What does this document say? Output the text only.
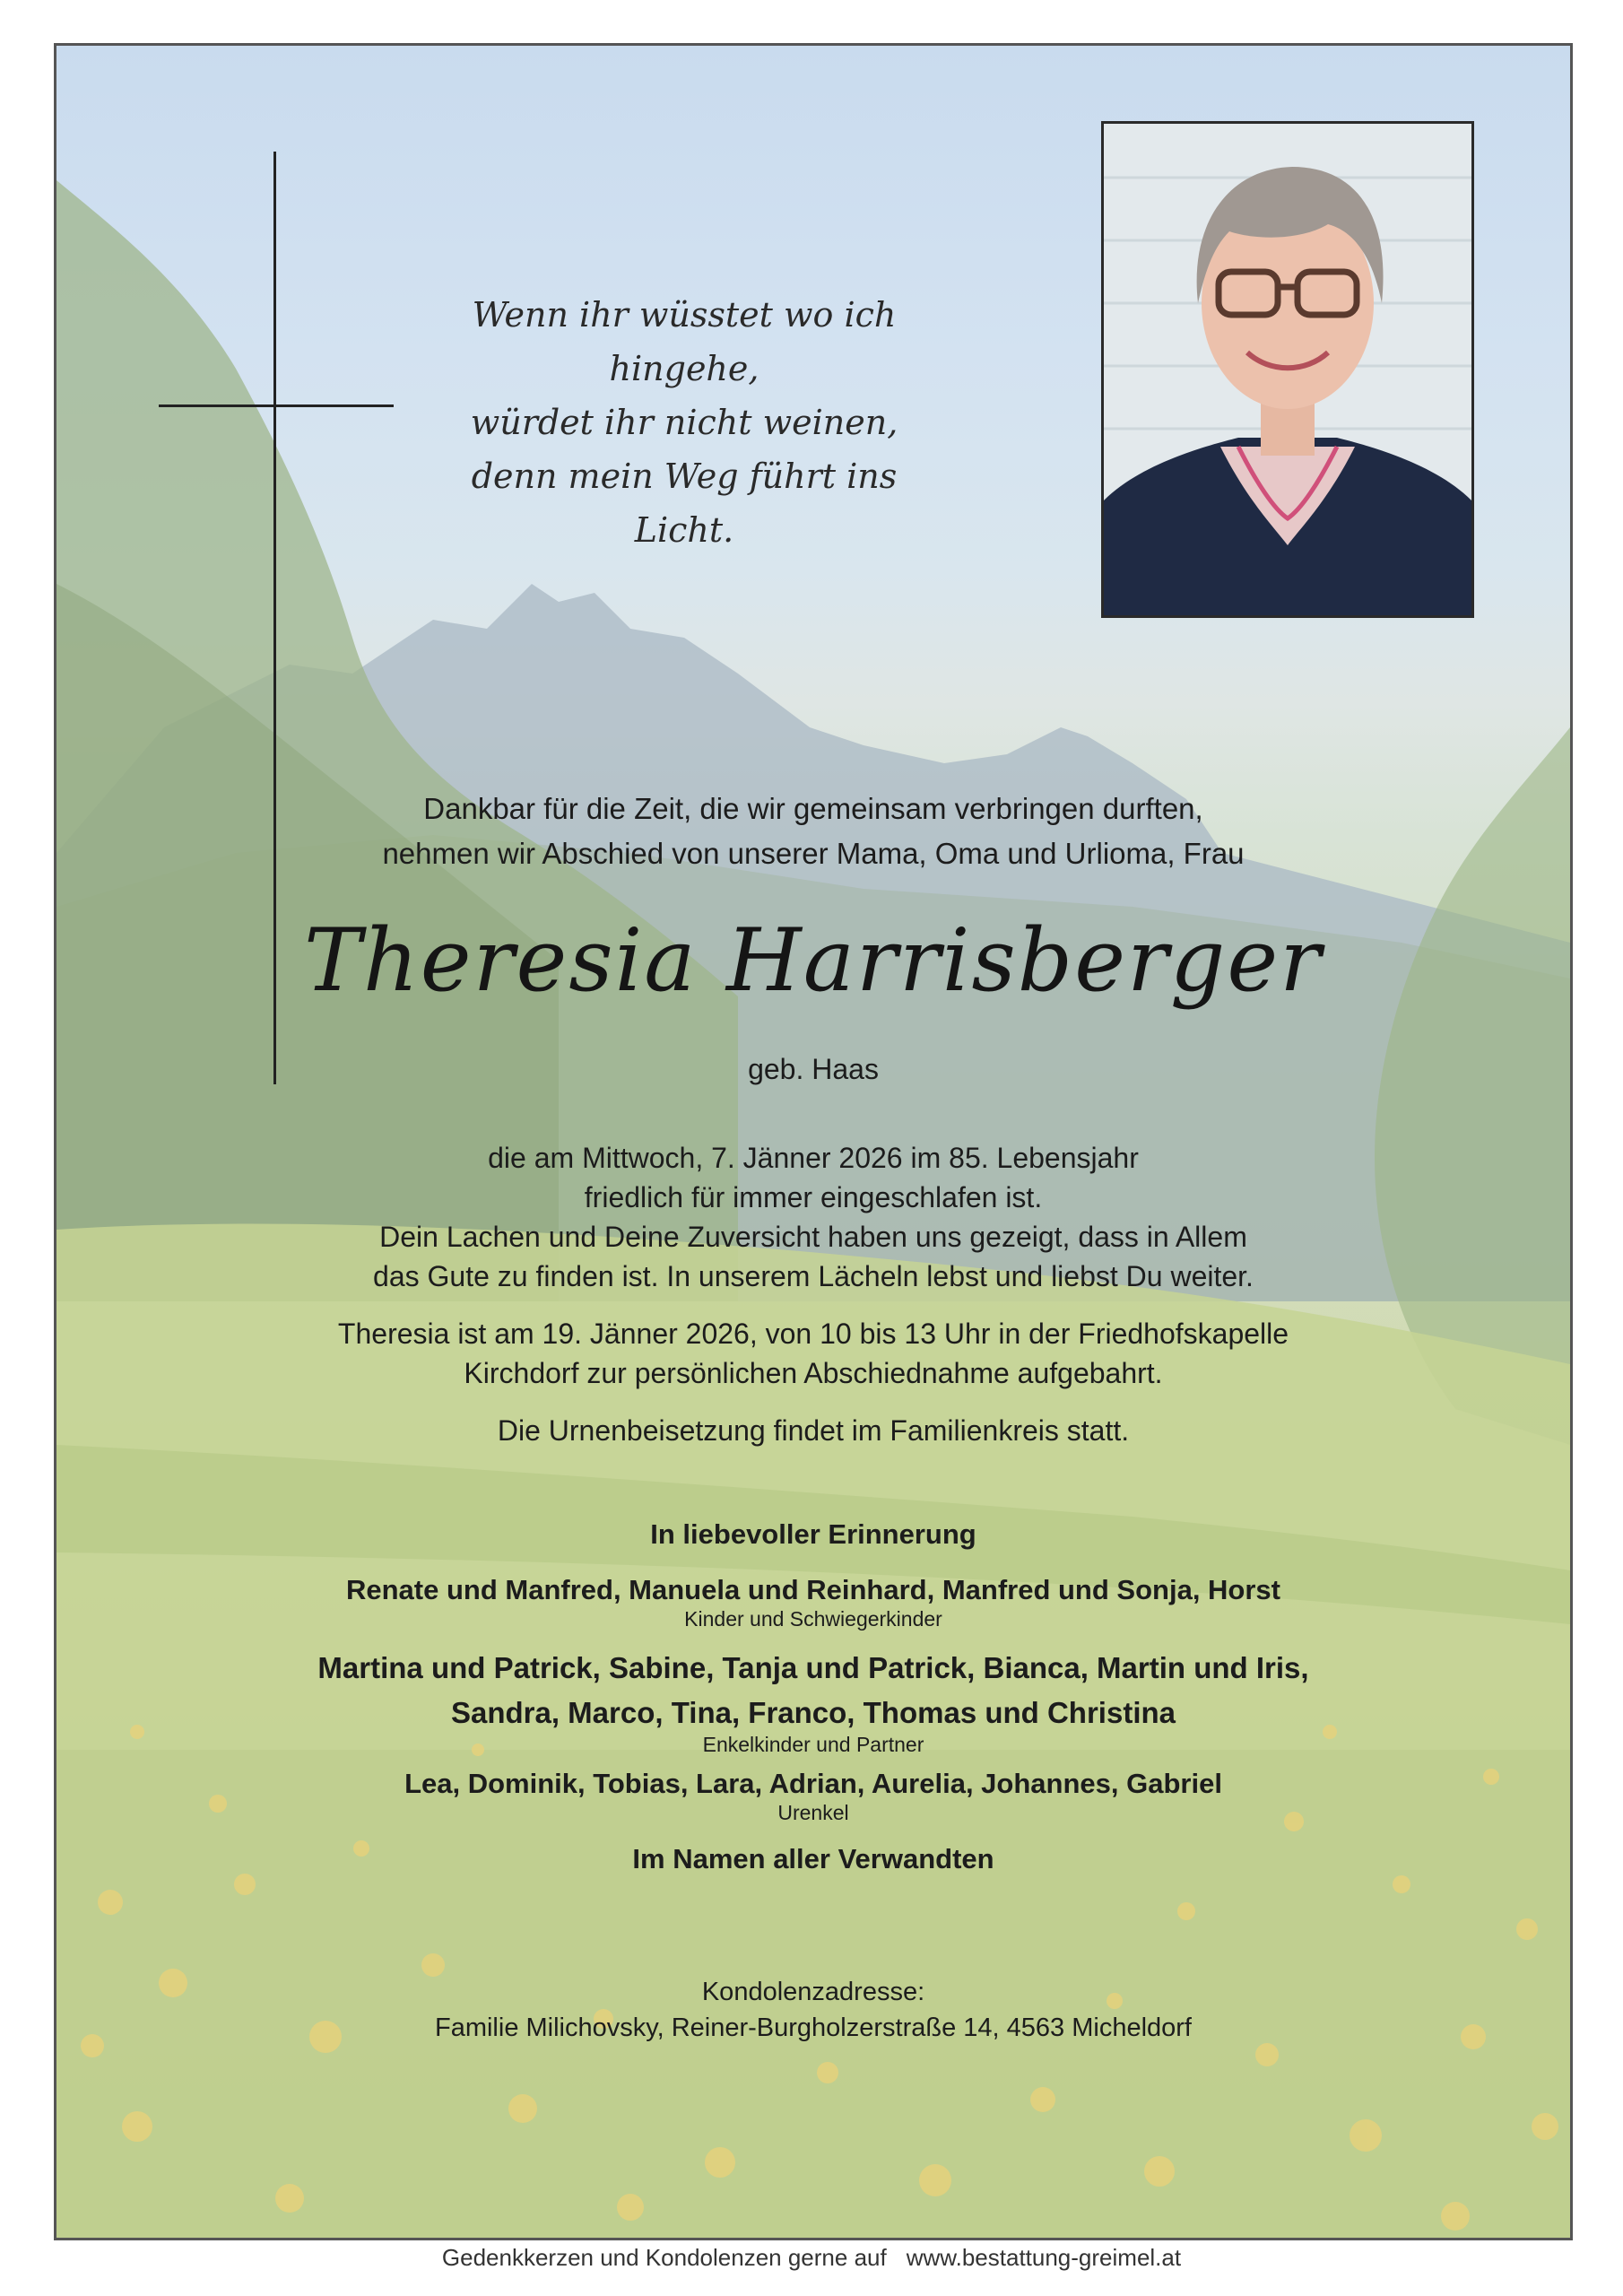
Wenn ihr wüsstet wo ich hingehe,
würdet ihr nicht weinen,
denn mein Weg führt ins Licht.
Dankbar für die Zeit, die wir gemeinsam verbringen durften,
nehmen wir Abschied von unserer Mama, Oma und Urlioma, Frau
Theresia Harrisberger
geb. Haas
die am Mittwoch, 7. Jänner 2026 im 85. Lebensjahr
friedlich für immer eingeschlafen ist.
Dein Lachen und Deine Zuversicht haben uns gezeigt, dass in Allem
das Gute zu finden ist. In unserem Lächeln lebst und liebst Du weiter.
Theresia ist am 19. Jänner 2026, von 10 bis 13 Uhr in der Friedhofskapelle
Kirchdorf zur persönlichen Abschiednahme aufgebahrt.
Die Urnenbeisetzung findet im Familienkreis statt.
In liebevoller Erinnerung
Renate und Manfred, Manuela und Reinhard, Manfred und Sonja, Horst
Kinder und Schwiegerkinder
Martina und Patrick, Sabine, Tanja und Patrick, Bianca, Martin und Iris,
Sandra, Marco, Tina, Franco, Thomas und Christina
Enkelkinder und Partner
Lea, Dominik, Tobias, Lara, Adrian, Aurelia, Johannes, Gabriel
Urenkel
Im Namen aller Verwandten
Kondolenzadresse:
Familie Milichovsky, Reiner-Burgholzerstraße 14, 4563 Micheldorf
Gedenkkerzen und Kondolenzen gerne auf www.bestattung-greimel.at
